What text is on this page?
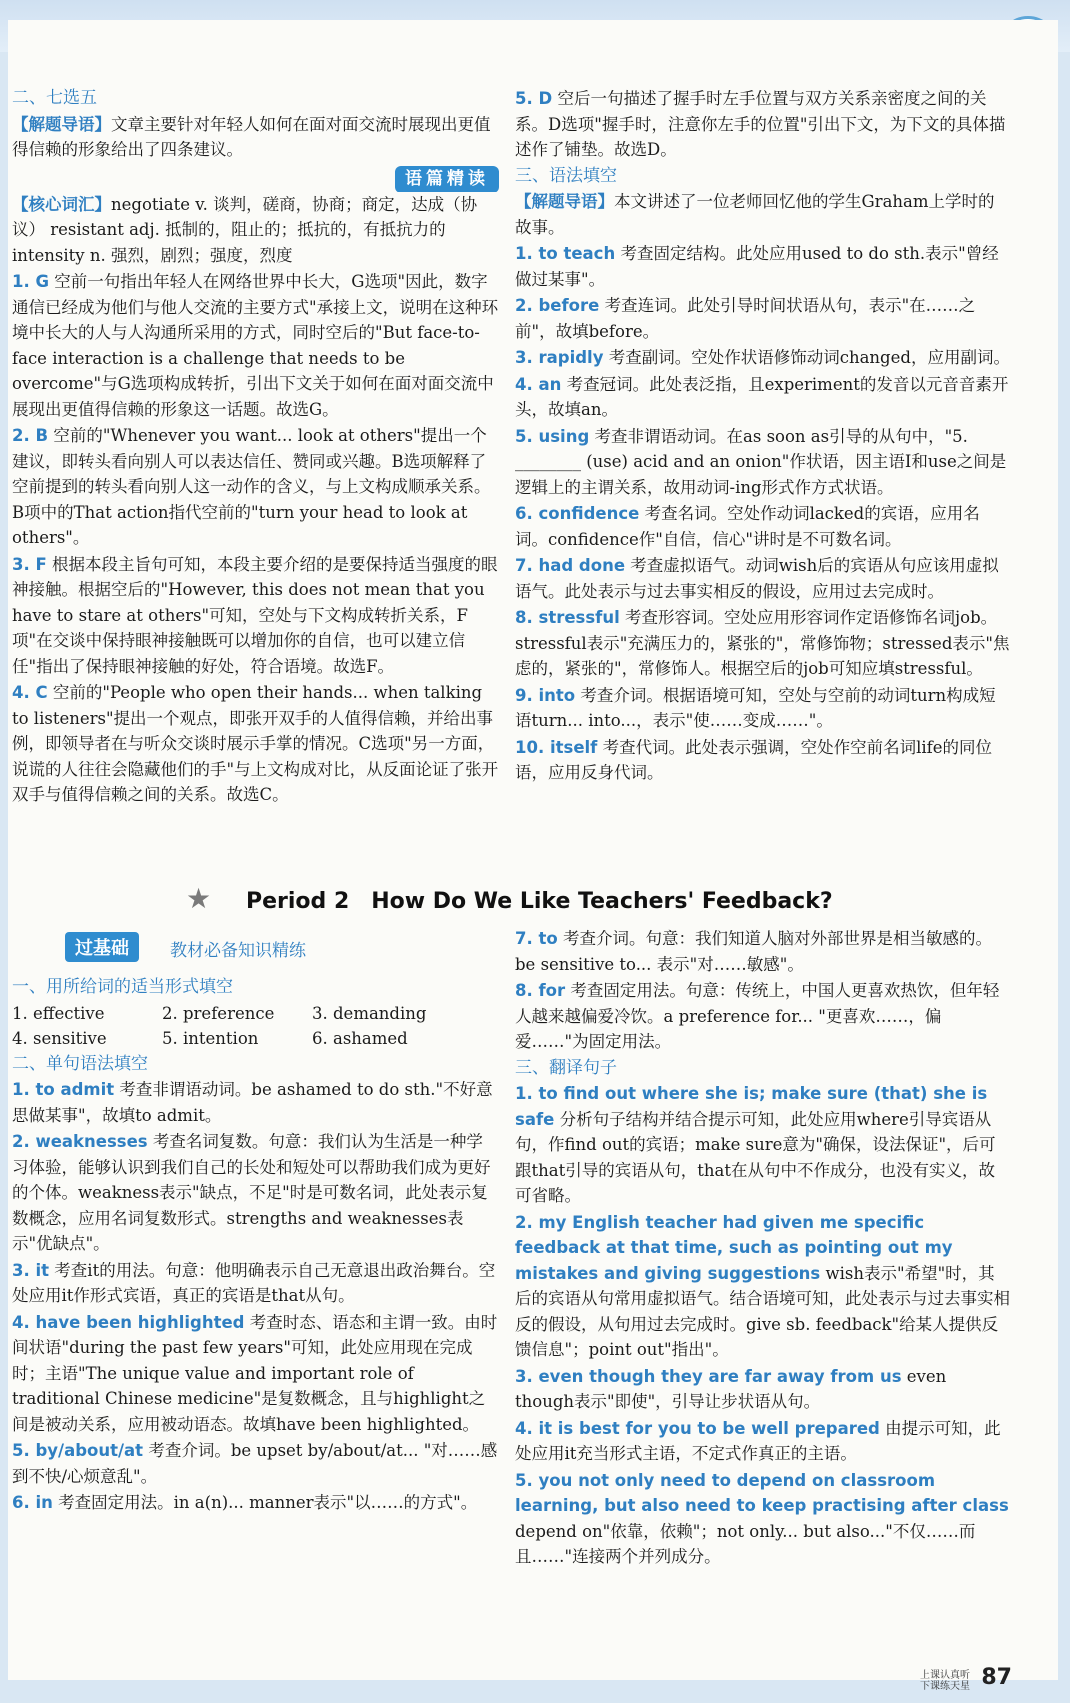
二、七选五

【解题导语】文章主要针对年轻人如何在面对面交流时展现出更值得信赖的形象给出了四条建议。

语篇精读

【核心词汇】negotiate v. 谈判，磋商，协商；商定，达成（协议） resistant adj. 抵制的，阻止的；抵抗的，有抵抗力的 intensity n. 强烈，剧烈；强度，烈度

1. G 空前一句指出年轻人在网络世界中长大，G选项"因此，数字通信已经成为他们与他人交流的主要方式"承接上文，说明在这种环境中长大的人与人沟通所采用的方式，同时空后的"But face-to-face interaction is a challenge that needs to be overcome"与G选项构成转折，引出下文关于如何在面对面交流中展现出更值得信赖的形象这一话题。故选G。

2. B 空前的"Whenever you want... look at others"提出一个建议，即转头看向别人可以表达信任、赞同或兴趣。B选项解释了空前提到的转头看向别人这一动作的含义，与上文构成顺承关系。B项中的That action指代空前的"turn your head to look at others"。

3. F 根据本段主旨句可知，本段主要介绍的是要保持适当强度的眼神接触。根据空后的"However, this does not mean that you have to stare at others"可知，空处与下文构成转折关系，F项"在交谈中保持眼神接触既可以增加你的自信，也可以建立信任"指出了保持眼神接触的好处，符合语境。故选F。

4. C 空前的"People who open their hands... when talking to listeners"提出一个观点，即张开双手的人值得信赖，并给出事例，即领导者在与听众交谈时展示手掌的情况。C选项"另一方面，说谎的人往往会隐藏他们的手"与上文构成对比，从反面论证了张开双手与值得信赖之间的关系。故选C。

5. D 空后一句描述了握手时左手位置与双方关系亲密度之间的关系。D选项"握手时，注意你左手的位置"引出下文，为下文的具体描述作了铺垫。故选D。

三、语法填空

【解题导语】本文讲述了一位老师回忆他的学生Graham上学时的故事。

1. to teach 考查固定结构。此处应用used to do sth.表示"曾经做过某事"。

2. before 考查连词。此处引导时间状语从句，表示"在……之前"，故填before。

3. rapidly 考查副词。空处作状语修饰动词changed，应用副词。

4. an 考查冠词。此处表泛指，且experiment的发音以元音音素开头，故填an。

5. using 考查非谓语动词。在as soon as引导的从句中，"5. ________ (use) acid and an onion"作状语，因主语I和use之间是逻辑上的主谓关系，故用动词-ing形式作方式状语。

6. confidence 考查名词。空处作动词lacked的宾语，应用名词。confidence作"自信，信心"讲时是不可数名词。

7. had done 考查虚拟语气。动词wish后的宾语从句应该用虚拟语气。此处表示与过去事实相反的假设，应用过去完成时。

8. stressful 考查形容词。空处应用形容词作定语修饰名词job。stressful表示"充满压力的，紧张的"，常修饰物；stressed表示"焦虑的，紧张的"，常修饰人。根据空后的job可知应填stressful。

9. into 考查介词。根据语境可知，空处与空前的动词turn构成短语turn... into...，表示"使……变成……"。

10. itself 考查代词。此处表示强调，空处作空前名词life的同位语，应用反身代词。

★ Period 2　How Do We Like Teachers' Feedback?
过基础	教材必备知识精练
一、用所给词的适当形式填空
1. effective	2. preference	3. demanding
4. sensitive	5. intention	6. ashamed
二、单句语法填空

1. to admit 考查非谓语动词。be ashamed to do sth."不好意思做某事"，故填to admit。

2. weaknesses 考查名词复数。句意：我们认为生活是一种学习体验，能够认识到我们自己的长处和短处可以帮助我们成为更好的个体。weakness表示"缺点，不足"时是可数名词，此处表示复数概念，应用名词复数形式。strengths and weaknesses表示"优缺点"。

3. it 考查it的用法。句意：他明确表示自己无意退出政治舞台。空处应用it作形式宾语，真正的宾语是that从句。

4. have been highlighted 考查时态、语态和主谓一致。由时间状语"during the past few years"可知，此处应用现在完成时；主语"The unique value and important role of traditional Chinese medicine"是复数概念，且与highlight之间是被动关系，应用被动语态。故填have been highlighted。

5. by/about/at 考查介词。be upset by/about/at... "对……感到不快/心烦意乱"。

6. in 考查固定用法。in a(n)... manner表示"以……的方式"。

7. to 考查介词。句意：我们知道人脑对外部世界是相当敏感的。be sensitive to... 表示"对……敏感"。

8. for 考查固定用法。句意：传统上，中国人更喜欢热饮，但年轻人越来越偏爱冷饮。a preference for... "更喜欢……，偏爱……"为固定用法。

三、翻译句子

1. to find out where she is; make sure (that) she is safe 分析句子结构并结合提示可知，此处应用where引导宾语从句，作find out的宾语；make sure意为"确保，设法保证"，后可跟that引导的宾语从句，that在从句中不作成分，也没有实义，故可省略。

2. my English teacher had given me specific feedback at that time, such as pointing out my mistakes and giving suggestions wish表示"希望"时，其后的宾语从句常用虚拟语气。结合语境可知，此处表示与过去事实相反的假设，从句用过去完成时。give sb. feedback"给某人提供反馈信息"；point out"指出"。

3. even though they are far away from us even though表示"即使"，引导让步状语从句。

4. it is best for you to be well prepared 由提示可知，此处应用it充当形式主语，不定式作真正的主语。

5. you not only need to depend on classroom learning, but also need to keep practising after class depend on"依靠，依赖"；not only... but also..."不仅……而且……"连接两个并列成分。

上课认真听
下课练天星 87
